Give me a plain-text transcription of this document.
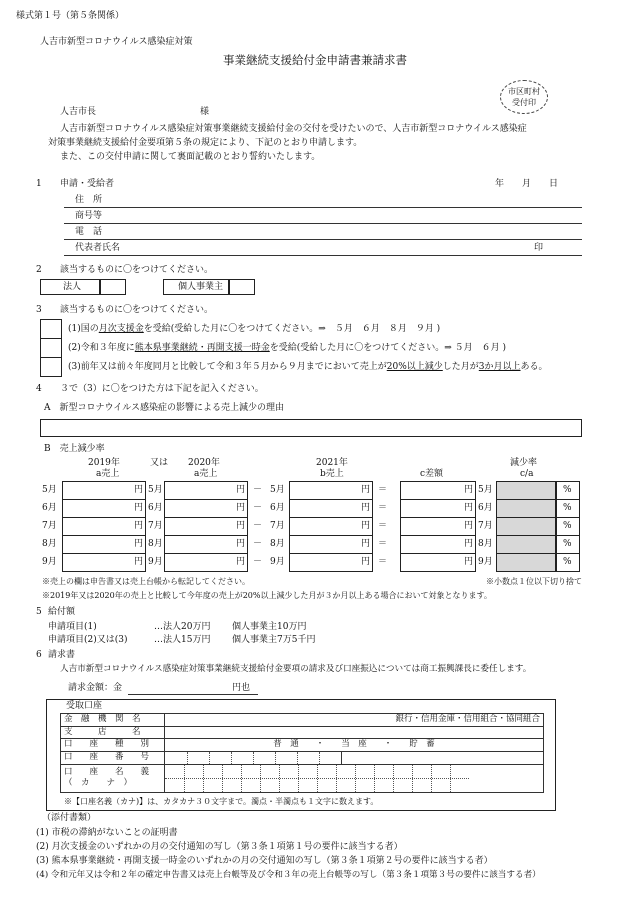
様式第１号（第５条関係）
人吉市新型コロナウイルス感染症対策
事業継続支援給付金申請書兼請求書
市区町村
受付印
人吉市長	様
人吉市新型コロナウイルス感染症対策事業継続支援給付金の交付を受けたいので、人吉市新型コロナウイルス感染症
対策事業継続支援給付金要項第５条の規定により、下記のとおり申請します。
また、この交付申請に関して裏面記載のとおり誓約いたします。
1 申請・受給者	年　　月　　日
住　所
商号等
電　話
代表者氏名	印
2 該当するものに〇をつけてください。
法人	個人事業主
3 該当するものに〇をつけてください。
(1)国の月次支援金を受給(受給した月に〇をつけてください。⇒　５月　６月　８月　９月 )
(2)令和３年度に熊本県事業継続・再開支援一時金を受給(受給した月に〇をつけてください。⇒ ５月　６月 )
(3)前年又は前々年度同月と比較して令和３年５月から９月までにおいて売上が20%以上減少した月が3か月以上ある。
4 ３で（3）に〇をつけた方は下記を記入ください。
A　新型コロナウイルス感染症の影響による売上減少の理由
B　売上減少率
2019年	又は 2020年	2021年	減少率
a売上	a売上	b売上	c差額	c/a
5月	円 5月	円 － 5月	円 ＝	円 5月	%
6月	円 6月	円 － 6月	円 ＝	円 6月	%
7月	円 7月	円 － 7月	円 ＝	円 7月	%
8月	円 8月	円 － 8月	円 ＝	円 8月	%
9月	円 9月	円 － 9月	円 ＝	円 9月	%
※売上の欄は申告書又は売上台帳から転記してください。	※小数点１位以下切り捨て
※2019年又は2020年の売上と比較して今年度の売上が20%以上減少した月が３か月以上ある場合において対象となります。
5 給付額
申請項目(1)	…法人20万円 個人事業主10万円
申請項目(2)又は(3)	…法人15万円 個人事業主7万5千円
6 請求書
人吉市新型コロナウイルス感染症対策事業継続支援給付金要項の請求及び口座振込については商工振興課長に委任します。
請求金額：金	円也
受取口座
金　融　機　関　名	銀行・信用金庫・信用組合・協同組合
支　　　店　　　名	
口　　座　　種　　別	普　通　　・　　当　座　　・　　貯　蓄
口　　座　　番　　号	

口　　座　　名　　義
（　カ　　ナ　）	

※【口座名義（カナ)】は、カタカナ３０文字まで。濁点・半濁点も１文字に数えます。
（添付書類）
(1) 市税の滞納がないことの証明書
(2) 月次支援金のいずれかの月の交付通知の写し（第３条１項第１号の要件に該当する者）
(3) 熊本県事業継続・再開支援一時金のいずれかの月の交付通知の写し（第３条１項第２号の要件に該当する者）
(4) 令和元年又は令和２年の確定申告書又は売上台帳等及び令和３年の売上台帳等の写し（第３条１項第３号の要件に該当する者）
